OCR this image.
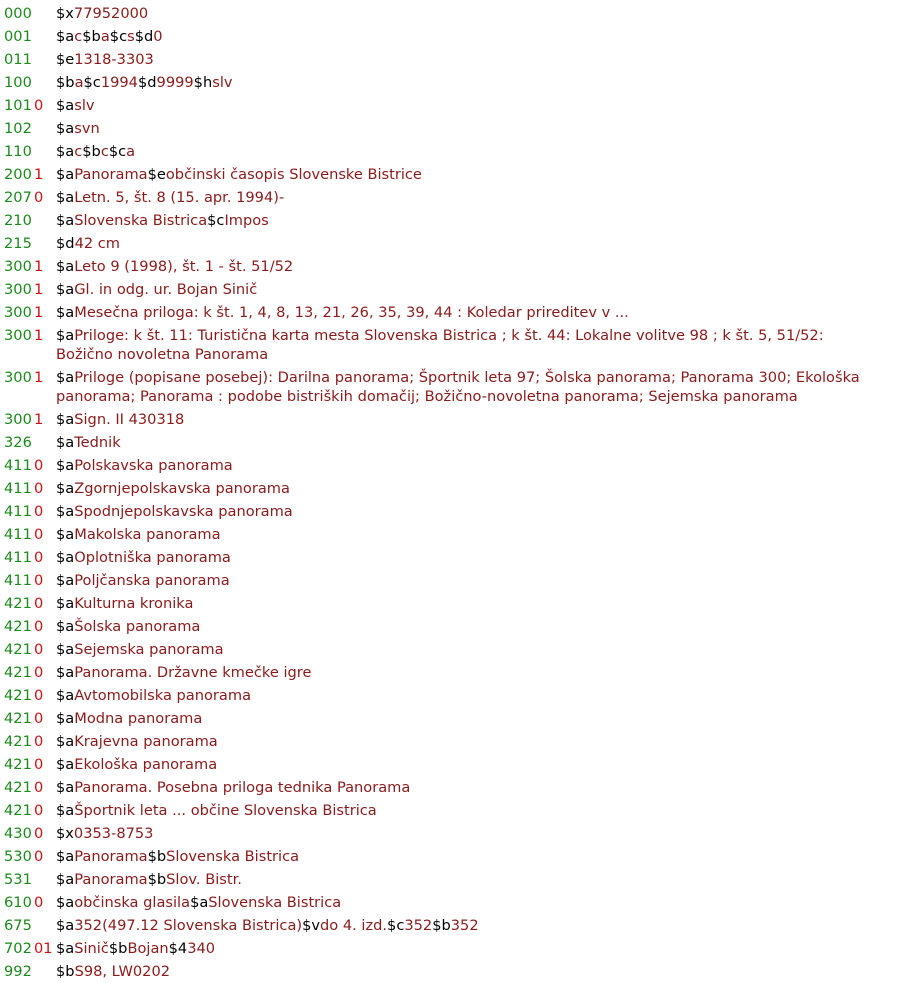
000 $x77952000
001 $ac$ba$cs$d0
011 $e1318-3303
100 $ba$c1994$d9999$hslv
101 0 $aslv
102 $asvn
110 $ac$bc$ca
200 1 $aPanorama$eobčinski časopis Slovenske Bistrice
207 0 $aLetn. 5, št. 8 (15. apr. 1994)-
210 $aSlovenska Bistrica$cImpos
215 $d42 cm
300 1 $aLeto 9 (1998), št. 1 - št. 51/52
300 1 $aGl. in odg. ur. Bojan Sinič
300 1 $aMesečna priloga: k št. 1, 4, 8, 13, 21, 26, 35, 39, 44 : Koledar prireditev v ...
300 1 $aPriloge: k št. 11: Turistična karta mesta Slovenska Bistrica ; k št. 44: Lokalne volitve 98 ; k št. 5, 51/52: Božično novoletna Panorama
300 1 $aPriloge (popisane posebej): Darilna panorama; Športnik leta 97; Šolska panorama; Panorama 300; Ekološka panorama; Panorama : podobe bistriških domačij; Božično-novoletna panorama; Sejemska panorama
300 1 $aSign. II 430318
326 $aTednik
411 0 $aPolskavska panorama
411 0 $aZgornjepolskavska panorama
411 0 $aSpodnjepolskavska panorama
411 0 $aMakolska panorama
411 0 $aOplotniška panorama
411 0 $aPoljčanska panorama
421 0 $aKulturna kronika
421 0 $aŠolska panorama
421 0 $aSejemska panorama
421 0 $aPanorama. Državne kmečke igre
421 0 $aAvtomobilska panorama
421 0 $aModna panorama
421 0 $aKrajevna panorama
421 0 $aEkološka panorama
421 0 $aPanorama. Posebna priloga tednika Panorama
421 0 $aŠportnik leta ... občine Slovenska Bistrica
430 0 $x0353-8753
530 0 $aPanorama$bSlovenska Bistrica
531 $aPanorama$bSlov. Bistr.
610 0 $aobčinska glasila$aSlovenska Bistrica
675 $a352(497.12 Slovenska Bistrica)$vdo 4. izd.$c352$b352
702 01 $aSinič$bBojan$4340
992 $bS98, LW0202
